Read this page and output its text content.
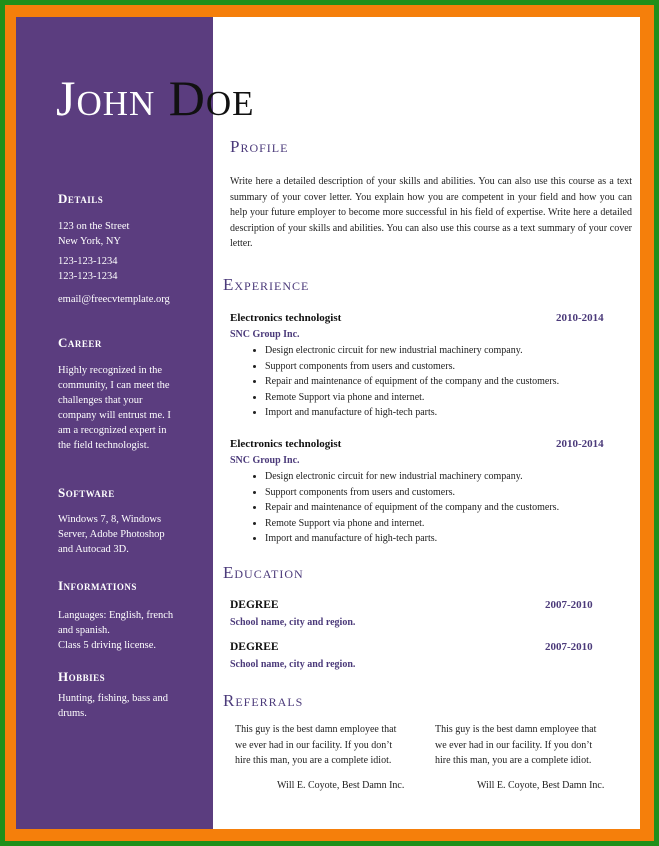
Details
123 on the Street
New York, NY
123-123-1234
123-123-1234
email@freecvtemplate.org
Career
Highly recognized in the
community, I can meet the
challenges that your
company will entrust me. I
am a recognized expert in
the field technologist.
Software
Windows 7, 8, Windows
Server, Adobe Photoshop
and Autocad 3D.
Informations
Languages: English, french
and spanish.
Class 5 driving license.
Hobbies
Hunting, fishing, bass and
drums.
John Doe
Profile
Write here a detailed description of your skills and abilities. You can also use this course as a text summary of your cover letter. You explain how you are competent in your field and how you can help your future employer to become more successful in his field of expertise. Write here a detailed description of your skills and abilities. You can also use this course as a text summary of your cover letter.
Experience
Electronics technologist	2010-2014
SNC Group Inc.
• Design electronic circuit for new industrial machinery company.
• Support components from users and customers.
• Repair and maintenance of equipment of the company and the customers.
• Remote Support via phone and internet.
• Import and manufacture of high-tech parts.
Electronics technologist	2010-2014
SNC Group Inc.
• Design electronic circuit for new industrial machinery company.
• Support components from users and customers.
• Repair and maintenance of equipment of the company and the customers.
• Remote Support via phone and internet.
• Import and manufacture of high-tech parts.
Education
DEGREE	2007-2010
School name, city and region.
DEGREE	2007-2010
School name, city and region.
Referrals
This guy is the best damn employee that
we ever had in our facility. If you don’t
hire this man, you are a complete idiot.
Will E. Coyote, Best Damn Inc.
This guy is the best damn employee that
we ever had in our facility. If you don’t
hire this man, you are a complete idiot.
Will E. Coyote, Best Damn Inc.
